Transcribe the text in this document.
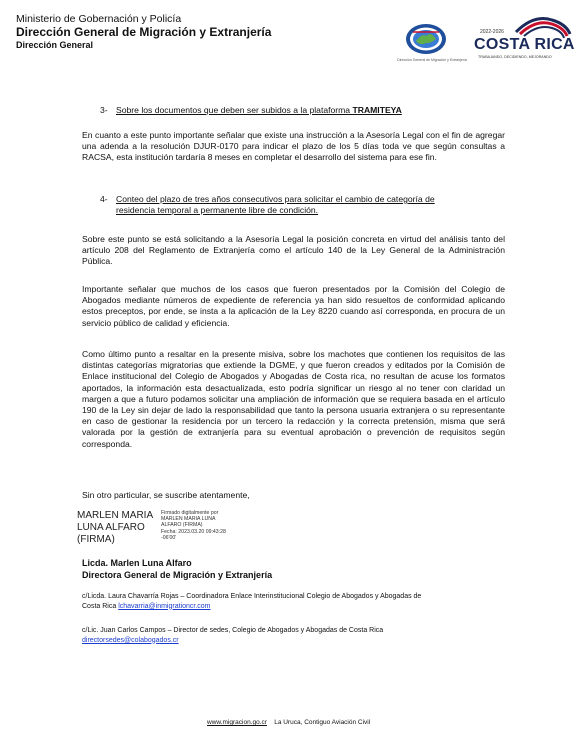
Ministerio de Gobernación y Policía
Dirección General de Migración y Extranjería
Dirección General
Dirección General de Migración y Extranjería
2022-2026
COSTA RICA
TRABAJANDO, DECIDIENDO, MEJORANDO
3- Sobre los documentos que deben ser subidos a la plataforma TRAMITEYA
En cuanto a este punto importante señalar que existe una instrucción a la Asesoría Legal con el fin de agregar una adenda a la resolución DJUR-0170 para indicar el plazo de los 5 días toda ve que según consultas a RACSA, esta institución tardaría 8 meses en completar el desarrollo del sistema para ese fin.
4- Conteo del plazo de tres años consecutivos para solicitar el cambio de categoría de
residencia temporal a permanente libre de condición.
Sobre este punto se está solicitando a la Asesoría Legal la posición concreta en virtud del análisis tanto del artículo 208 del Reglamento de Extranjería como el artículo 140 de la Ley General de la Administración Pública.
Importante señalar que muchos de los casos que fueron presentados por la Comisión del Colegio de Abogados mediante números de expediente de referencia ya han sido resueltos de conformidad aplicando estos preceptos, por ende, se insta a la aplicación de la Ley 8220 cuando así corresponda, en procura de un servicio público de calidad y eficiencia.
Como último punto a resaltar en la presente misiva, sobre los machotes que contienen los requisitos de las distintas categorías migratorias que extiende la DGME, y que fueron creados y editados por la Comisión de Enlace institucional del Colegio de Abogados y Abogadas de Costa rica, no resultan de acuse los formatos aportados, la información esta desactualizada, esto podría significar un riesgo al no tener con claridad un margen a que a futuro podamos solicitar una ampliación de información que se requiera basada en el artículo 190 de la Ley sin dejar de lado la responsabilidad que tanto la persona usuaria extranjera o su representante en caso de gestionar la residencia por un tercero la redacción y la correcta pretensión, misma que será valorada por la gestión de extranjería para su eventual aprobación o prevención de requisitos según corresponda.
Sin otro particular, se suscribe atentamente,
MARLEN MARIA
LUNA ALFARO
(FIRMA)
Firmado digitalmente por
MARLEN MARIA LUNA
ALFARO (FIRMA)
Fecha: 2023.03.20 09:43:28
-06'00'
Licda. Marlen Luna Alfaro
Directora General de Migración y Extranjería
c/Licda. Laura Chavarría Rojas – Coordinadora Enlace Interinstitucional Colegio de Abogados y Abogadas de
Costa Rica lchavarria@inmigrationcr.com
c/Lic. Juan Carlos Campos – Director de sedes, Colegio de Abogados y Abogadas de Costa Rica
directorsedes@colabogados.cr
www.migracion.go.cr La Uruca, Contiguo Aviación Civil
